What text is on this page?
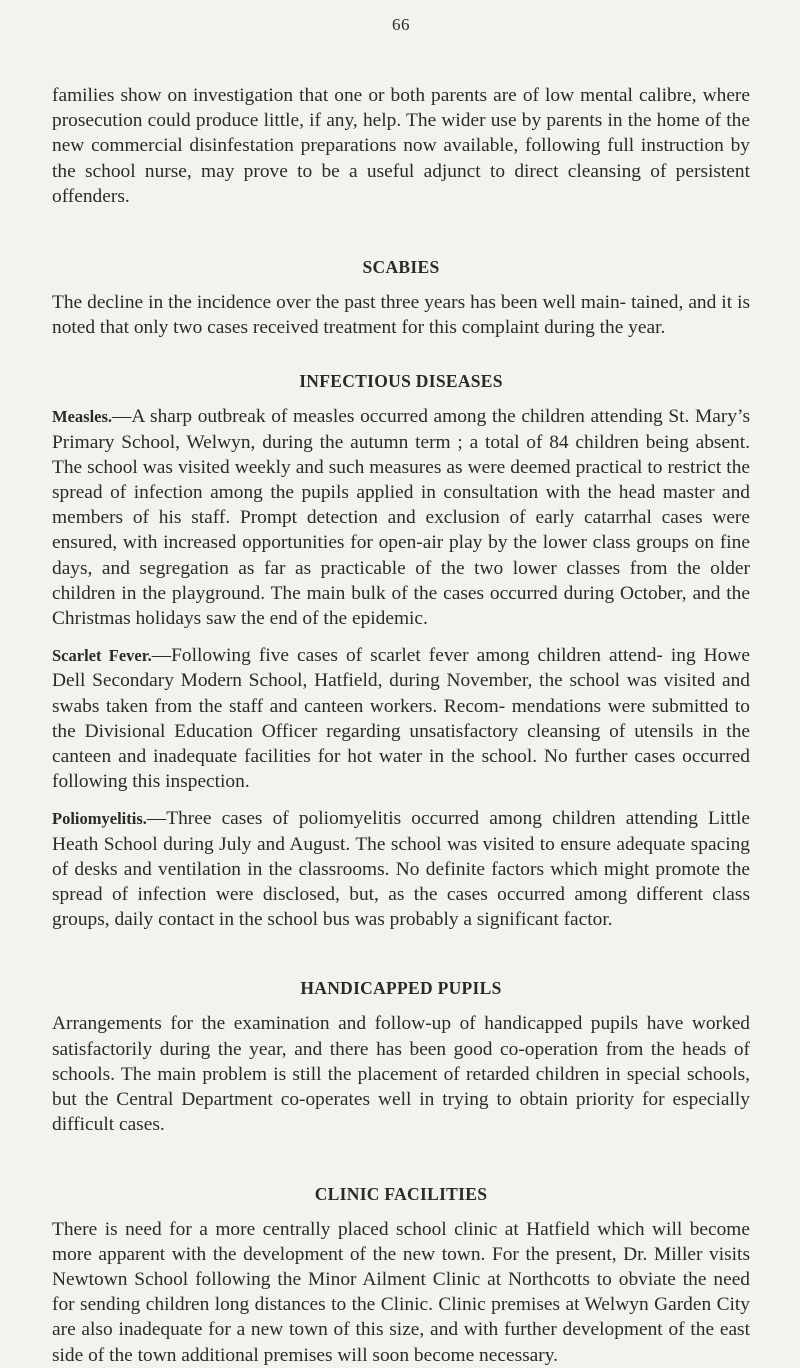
66

families show on investigation that one or both parents are of low mental calibre, where prosecution could produce little, if any, help. The wider use by parents in the home of the new commercial disinfestation preparations now available, following full instruction by the school nurse, may prove to be a useful adjunct to direct cleansing of persistent offenders.

SCABIES

The decline in the incidence over the past three years has been well main- tained, and it is noted that only two cases received treatment for this complaint during the year.

INFECTIOUS DISEASES

Measles.—A sharp outbreak of measles occurred among the children attending St. Mary’s Primary School, Welwyn, during the autumn term ; a total of 84 children being absent. The school was visited weekly and such measures as were deemed practical to restrict the spread of infection among the pupils applied in consultation with the head master and members of his staff. Prompt detection and exclusion of early catarrhal cases were ensured, with increased opportunities for open-air play by the lower class groups on fine days, and segregation as far as practicable of the two lower classes from the older children in the playground. The main bulk of the cases occurred during October, and the Christmas holidays saw the end of the epidemic.

Scarlet Fever.—Following five cases of scarlet fever among children attend- ing Howe Dell Secondary Modern School, Hatfield, during November, the school was visited and swabs taken from the staff and canteen workers. Recom- mendations were submitted to the Divisional Education Officer regarding unsatisfactory cleansing of utensils in the canteen and inadequate facilities for hot water in the school. No further cases occurred following this inspection.

Poliomyelitis.—Three cases of poliomyelitis occurred among children attending Little Heath School during July and August. The school was visited to ensure adequate spacing of desks and ventilation in the classrooms. No definite factors which might promote the spread of infection were disclosed, but, as the cases occurred among different class groups, daily contact in the school bus was probably a significant factor.

HANDICAPPED PUPILS

Arrangements for the examination and follow-up of handicapped pupils have worked satisfactorily during the year, and there has been good co-operation from the heads of schools. The main problem is still the placement of retarded children in special schools, but the Central Department co-operates well in trying to obtain priority for especially difficult cases.

CLINIC FACILITIES

There is need for a more centrally placed school clinic at Hatfield which will become more apparent with the development of the new town. For the present, Dr. Miller visits Newtown School following the Minor Ailment Clinic at Northcotts to obviate the need for sending children long distances to the Clinic. Clinic premises at Welwyn Garden City are also inadequate for a new town of this size, and with further development of the east side of the town additional premises will soon become necessary.
